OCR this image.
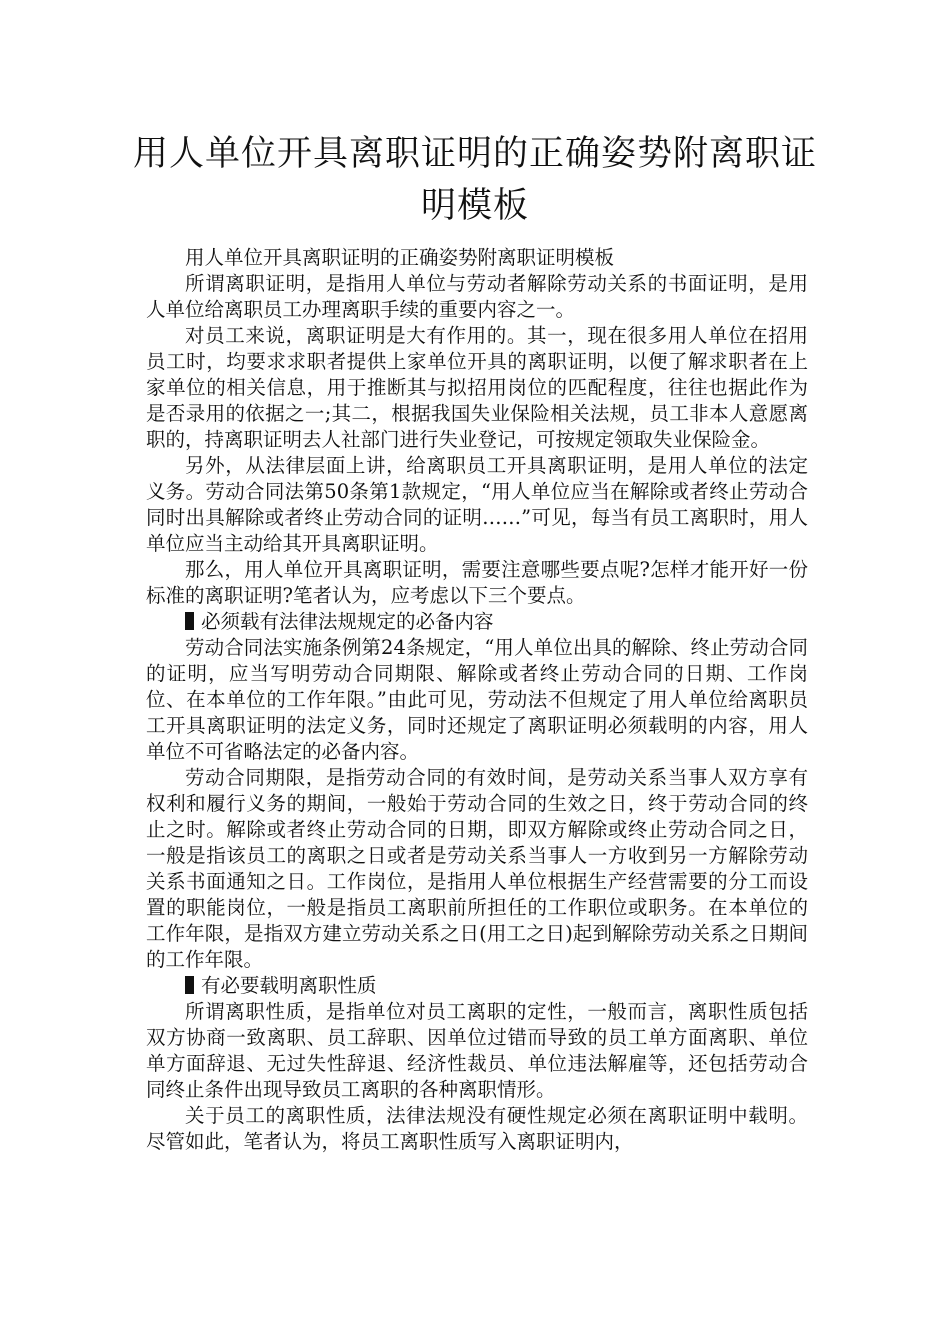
用人单位开具离职证明的正确姿势附离职证明模板

用人单位开具离职证明的正确姿势附离职证明模板

所谓离职证明，是指用人单位与劳动者解除劳动关系的书面证明，是用人单位给离职员工办理离职手续的重要内容之一。

对员工来说，离职证明是大有作用的。其一，现在很多用人单位在招用员工时，均要求求职者提供上家单位开具的离职证明，以便了解求职者在上家单位的相关信息，用于推断其与拟招用岗位的匹配程度，往往也据此作为是否录用的依据之一;其二，根据我国失业保险相关法规，员工非本人意愿离职的，持离职证明去人社部门进行失业登记，可按规定领取失业保险金。

另外，从法律层面上讲，给离职员工开具离职证明，是用人单位的法定义务。劳动合同法第50条第1款规定，“用人单位应当在解除或者终止劳动合同时出具解除或者终止劳动合同的证明……”可见，每当有员工离职时，用人单位应当主动给其开具离职证明。

那么，用人单位开具离职证明，需要注意哪些要点呢?怎样才能开好一份标准的离职证明?笔者认为，应考虑以下三个要点。

必须载有法律法规规定的必备内容

劳动合同法实施条例第24条规定，“用人单位出具的解除、终止劳动合同的证明，应当写明劳动合同期限、解除或者终止劳动合同的日期、工作岗位、在本单位的工作年限。”由此可见，劳动法不但规定了用人单位给离职员工开具离职证明的法定义务，同时还规定了离职证明必须载明的内容，用人单位不可省略法定的必备内容。

劳动合同期限，是指劳动合同的有效时间，是劳动关系当事人双方享有权利和履行义务的期间，一般始于劳动合同的生效之日，终于劳动合同的终止之时。解除或者终止劳动合同的日期，即双方解除或终止劳动合同之日，一般是指该员工的离职之日或者是劳动关系当事人一方收到另一方解除劳动关系书面通知之日。工作岗位，是指用人单位根据生产经营需要的分工而设置的职能岗位，一般是指员工离职前所担任的工作职位或职务。在本单位的工作年限，是指双方建立劳动关系之日(用工之日)起到解除劳动关系之日期间的工作年限。

有必要载明离职性质

所谓离职性质，是指单位对员工离职的定性，一般而言，离职性质包括双方协商一致离职、员工辞职、因单位过错而导致的员工单方面离职、单位单方面辞退、无过失性辞退、经济性裁员、单位违法解雇等，还包括劳动合同终止条件出现导致员工离职的各种离职情形。

关于员工的离职性质，法律法规没有硬性规定必须在离职证明中载明。尽管如此，笔者认为，将员工离职性质写入离职证明内，
